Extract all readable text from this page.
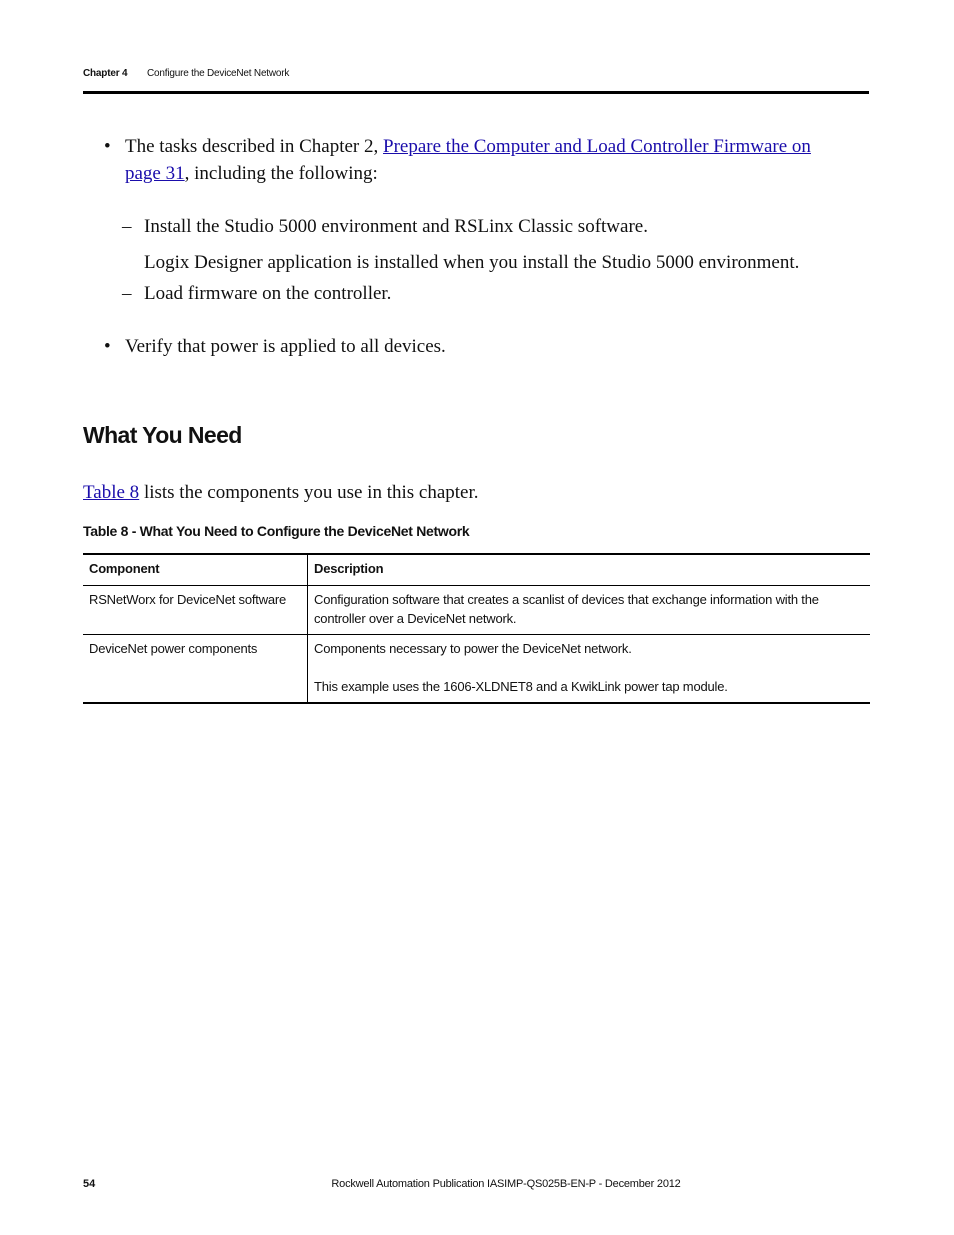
Chapter 4 Configure the DeviceNet Network
• The tasks described in Chapter 2, Prepare the Computer and Load Controller Firmware on
page 31, including the following:
– Install the Studio 5000 environment and RSLinx Classic software.
Logix Designer application is installed when you install the Studio 5000 environment.
– Load firmware on the controller.
• Verify that power is applied to all devices.
What You Need
Table 8 lists the components you use in this chapter.
Table 8 - What You Need to Configure the DeviceNet Network
Component	Description
RSNetWorx for DeviceNet software	Configuration software that creates a scanlist of devices that exchange information with the controller over a DeviceNet network.
DeviceNet power components	Components necessary to power the DeviceNet network.
This example uses the 1606-XLDNET8 and a KwikLink power tap module.
54	Rockwell Automation Publication IASIMP-QS025B-EN-P - December 2012
